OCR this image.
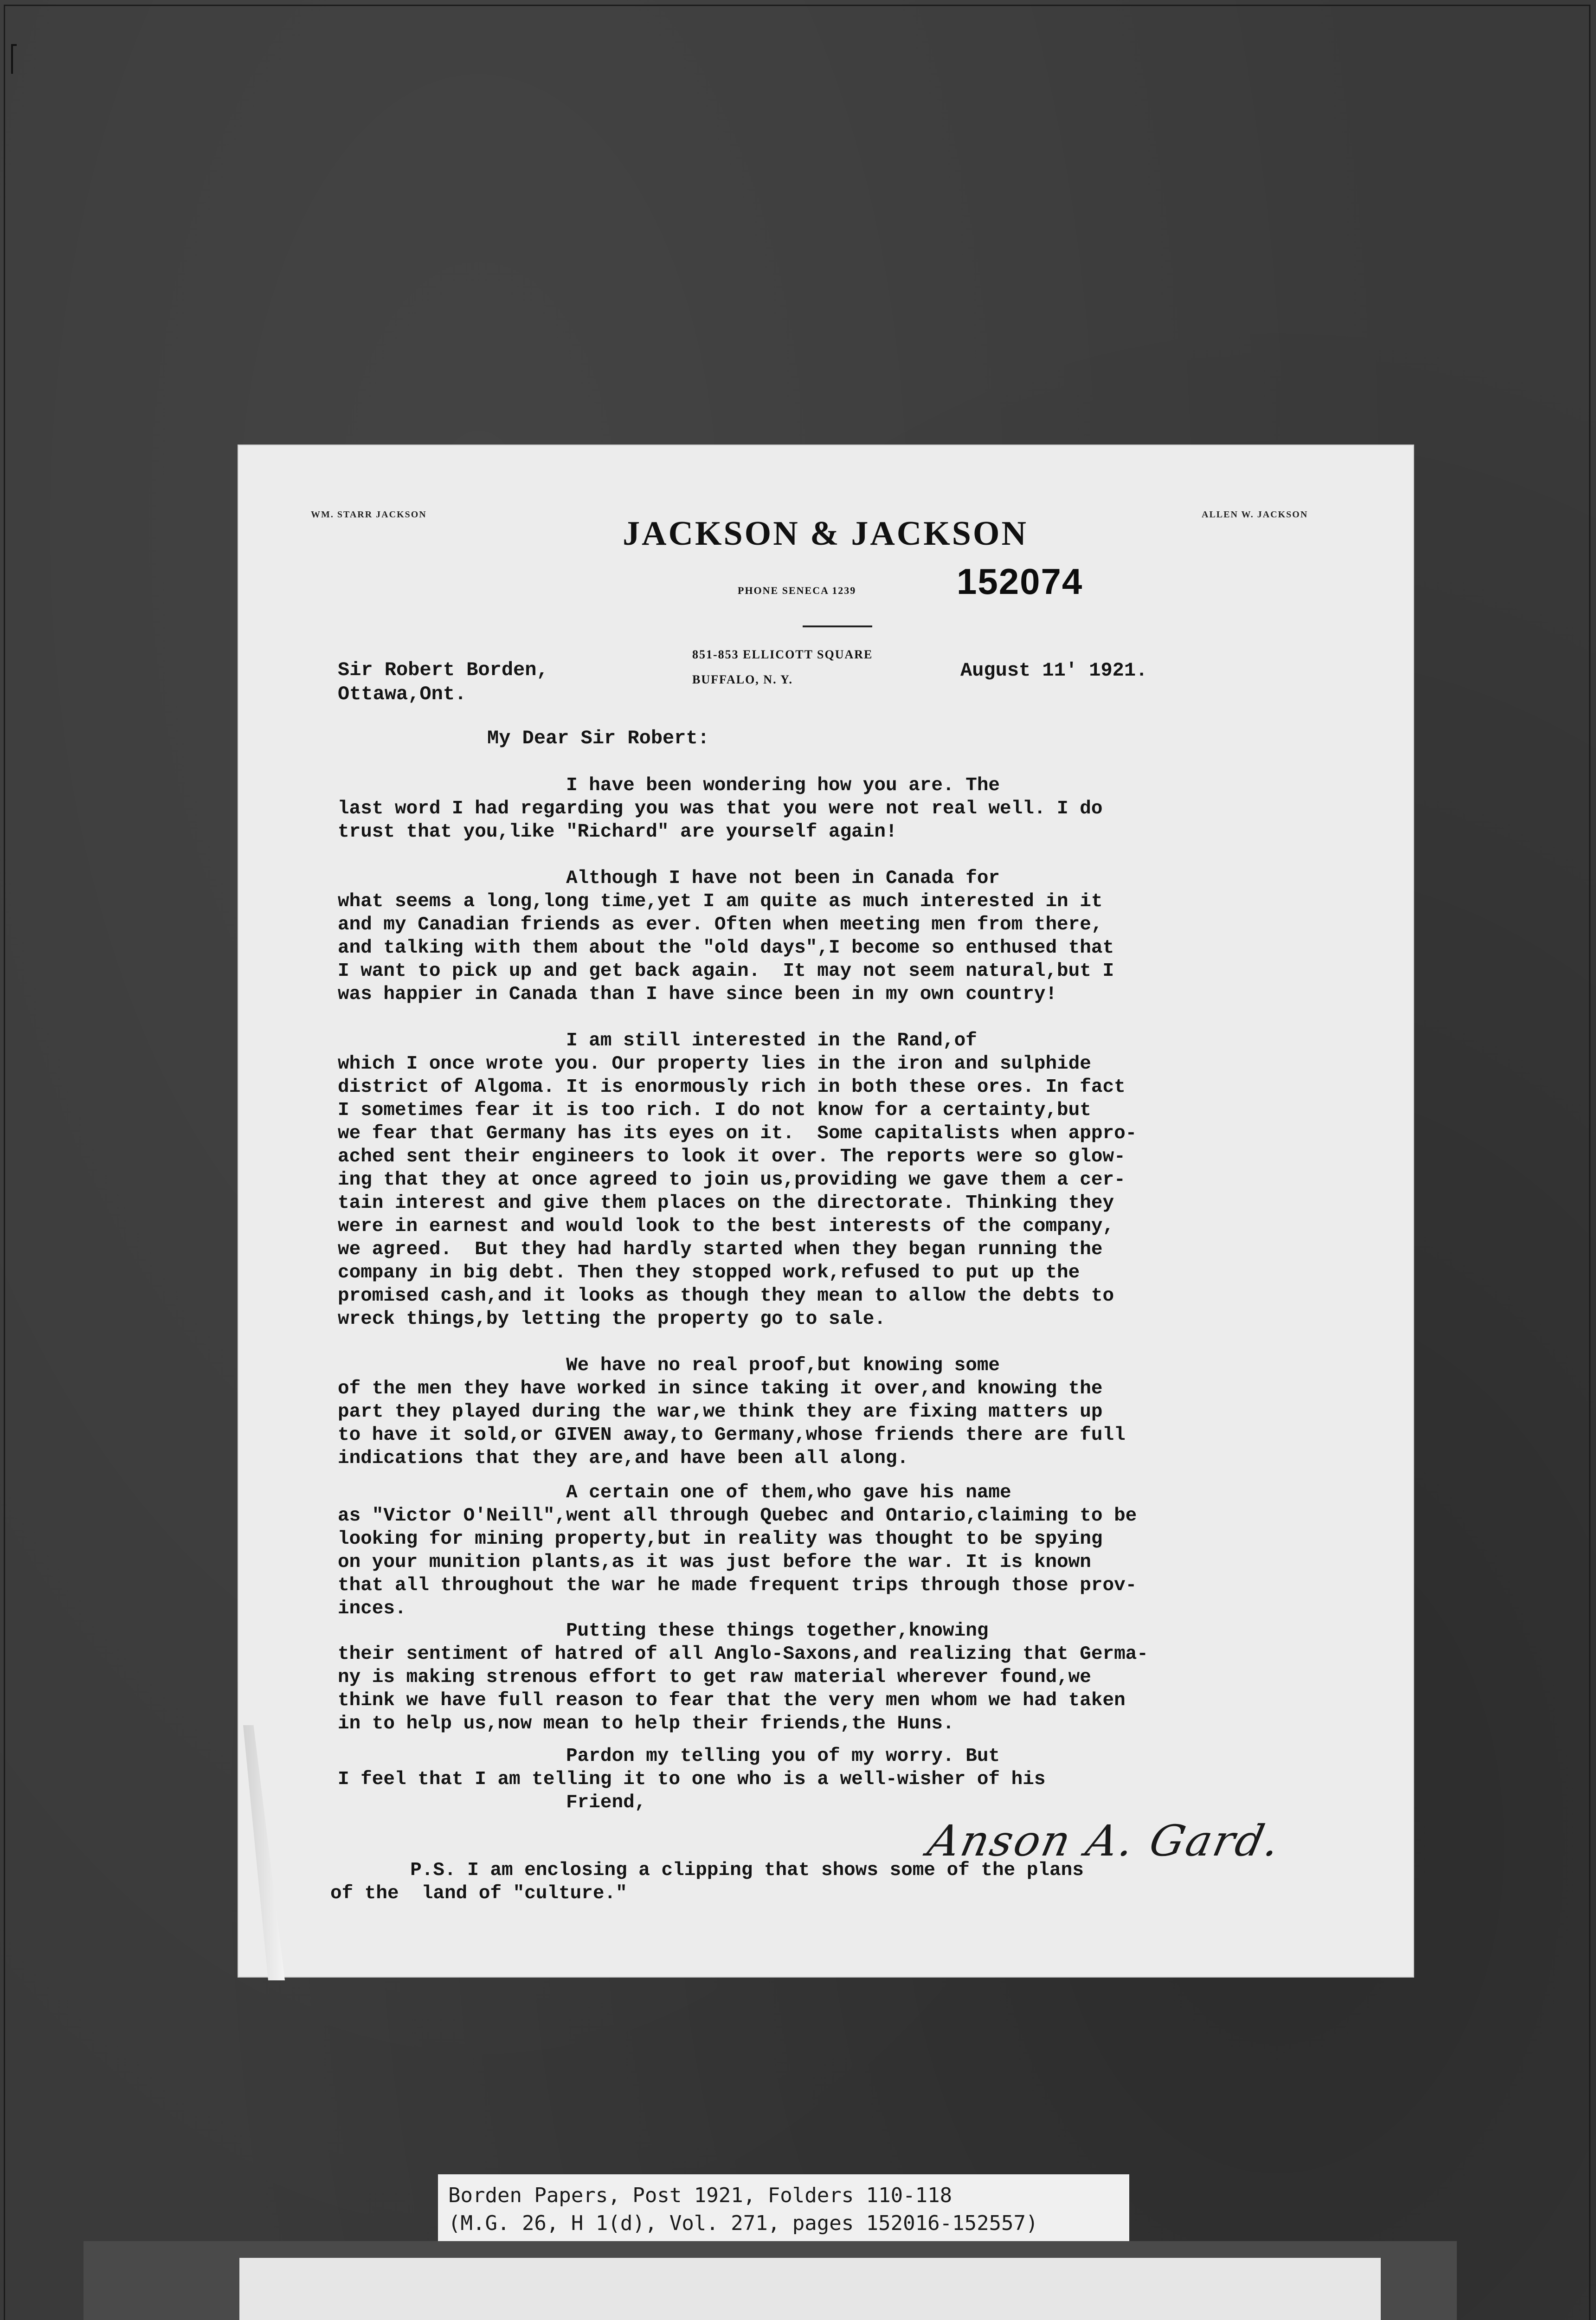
WM. STARR JACKSON	ALLEN W. JACKSON
JACKSON & JACKSON
PHONE SENECA 1239	152074
851-853 ELLICOTT SQUARE
BUFFALO, N. Y.
Sir Robert Borden,
Ottawa,Ont.
August 11' 1921.
My Dear Sir Robert:
I have been wondering how you are. The
last word I had regarding you was that you were not real well. I do
trust that you,like "Richard" are yourself again!
Although I have not been in Canada for
what seems a long,long time,yet I am quite as much interested in it
and my Canadian friends as ever. Often when meeting men from there,
and talking with them about the "old days",I become so enthused that
I want to pick up and get back again.  It may not seem natural,but I
was happier in Canada than I have since been in my own country!
I am still interested in the Rand,of
which I once wrote you. Our property lies in the iron and sulphide
district of Algoma. It is enormously rich in both these ores. In fact
I sometimes fear it is too rich. I do not know for a certainty,but
we fear that Germany has its eyes on it.  Some capitalists when appro-
ached sent their engineers to look it over. The reports were so glow-
ing that they at once agreed to join us,providing we gave them a cer-
tain interest and give them places on the directorate. Thinking they
were in earnest and would look to the best interests of the company,
we agreed.  But they had hardly started when they began running the
company in big debt. Then they stopped work,refused to put up the
promised cash,and it looks as though they mean to allow the debts to
wreck things,by letting the property go to sale.
We have no real proof,but knowing some
of the men they have worked in since taking it over,and knowing the
part they played during the war,we think they are fixing matters up
to have it sold,or GIVEN away,to Germany,whose friends there are full
indications that they are,and have been all along.
A certain one of them,who gave his name
as "Victor O'Neill",went all through Quebec and Ontario,claiming to be
looking for mining property,but in reality was thought to be spying
on your munition plants,as it was just before the war. It is known
that all throughout the war he made frequent trips through those prov-
inces.
Putting these things together,knowing
their sentiment of hatred of all Anglo-Saxons,and realizing that Germa-
ny is making strenous effort to get raw material wherever found,we
think we have full reason to fear that the very men whom we had taken
in to help us,now mean to help their friends,the Huns.
Pardon my telling you of my worry. But
I feel that I am telling it to one who is a well-wisher of his
Friend,
Anson A. Gard.
P.S. I am enclosing a clipping that shows some of the plans
of the  land of "culture."
Borden Papers, Post 1921, Folders 110-118
(M.G. 26, H 1(d), Vol. 271, pages 152016-152557)
